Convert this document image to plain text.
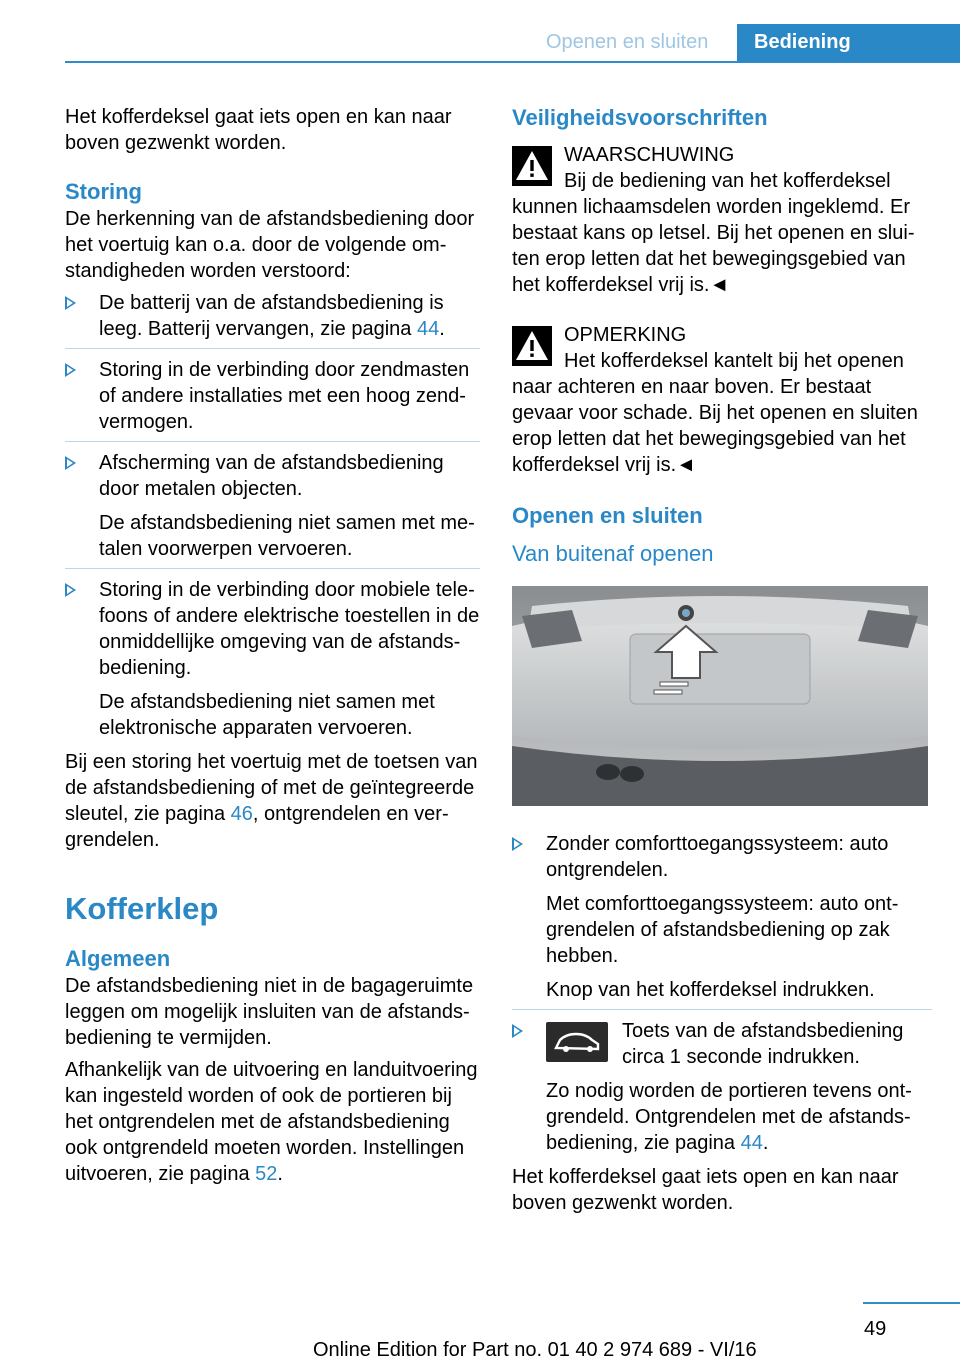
Openen en sluiten Bediening

Het kofferdeksel gaat iets open en kan naar boven gezwenkt worden.

Storing

De herkenning van de afstandsbediening door het voertuig kan o.a. door de volgende omstandigheden worden verstoord:

De batterij van de afstandsbediening is leeg. Batterij vervangen, zie pagina 44.

Storing in de verbinding door zendmasten of andere installaties met een hoog zendvermogen.

Afscherming van de afstandsbediening door metalen objecten.

De afstandsbediening niet samen met metalen voorwerpen vervoeren.

Storing in de verbinding door mobiele telefoons of andere elektrische toestellen in de onmiddellijke omgeving van de afstandsbediening.

De afstandsbediening niet samen met elektronische apparaten vervoeren.

Bij een storing het voertuig met de toetsen van de afstandsbediening of met de geïntegreerde sleutel, zie pagina 46, ontgrendelen en vergrendelen.

Kofferklep
Algemeen

De afstandsbediening niet in de bagageruimte leggen om mogelijk insluiten van de afstandsbediening te vermijden.

Afhankelijk van de uitvoering en landuitvoering kan ingesteld worden of ook de portieren bij het ontgrendelen met de afstandsbediening ook ontgrendeld moeten worden. Instellingen uitvoeren, zie pagina 52.

Veiligheidsvoorschriften

WAARSCHUWING

Bij de bediening van het kofferdeksel kunnen lichaamsdelen worden ingeklemd. Er bestaat kans op letsel. Bij het openen en sluiten erop letten dat het bewegingsgebied van het kofferdeksel vrij is.◄

OPMERKING

Het kofferdeksel kantelt bij het openen naar achteren en naar boven. Er bestaat gevaar voor schade. Bij het openen en sluiten erop letten dat het bewegingsgebied van het kofferdeksel vrij is.◄

Openen en sluiten
Van buitenaf openen

Zonder comforttoegangssysteem: auto ontgrendelen.

Met comforttoegangssysteem: auto ontgrendelen of afstandsbediening op zak hebben.

Knop van het kofferdeksel indrukken.

Toets van de afstandsbediening circa 1 seconde indrukken.

Zo nodig worden de portieren tevens ontgrendeld. Ontgrendelen met de afstandsbediening, zie pagina 44.

Het kofferdeksel gaat iets open en kan naar boven gezwenkt worden.

49
Online Edition for Part no. 01 40 2 974 689 - VI/16
